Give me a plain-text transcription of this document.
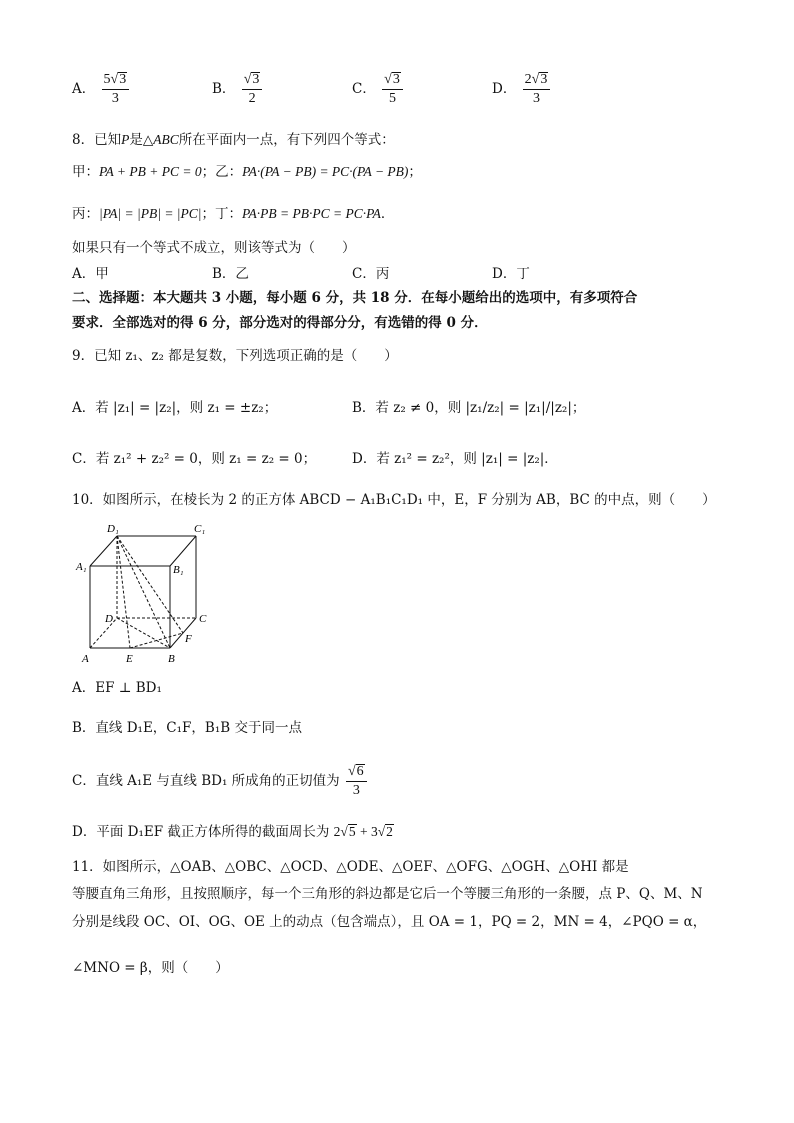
A． $\frac{5√ 3}{3}$	B． $\frac{√ 3}{2}$	C． $\frac{√ 3}{5}$	D． $\frac{2√ 3}{3}$
8．已知P是△ABC所在平面内一点，有下列四个等式：
甲：PA + PB + PC = 0；乙：PA·(PA − PB) = PC·(PA − PB)；
丙：|PA| = |PB| = |PC|；丁：PA·PB = PB·PC = PC·PA．
如果只有一个等式不成立，则该等式为（　　）
A．甲	B．乙	C．丙	D．丁
二、选择题：本大题共 3 小题，每小题 6 分，共 18 分．在每小题给出的选项中，有多项符合
要求．全部选对的得 6 分，部分选对的得部分分，有选错的得 0 分．
9．已知 z₁、z₂ 都是复数，下列选项正确的是（　　）
A．若 |z₁| = |z₂|，则 z₁ = ±z₂；	B．若 z₂ ≠ 0，则 |z₁/z₂| = |z₁|/|z₂|；
C．若 z₁² + z₂² = 0，则 z₁ = z₂ = 0；	D．若 z₁² = z₂²，则 |z₁| = |z₂|．
10．如图所示，在棱长为 2 的正方体 ABCD − A₁B₁C₁D₁ 中，E，F 分别为 AB，BC 的中点，则（　　）
D₁	C₁
A₁	B₁
D	C
F
A	E	B
A．EF ⊥ BD₁
B．直线 D₁E，C₁F，B₁B 交于同一点
C．直线 A₁E 与直线 BD₁ 所成角的正切值为 $\frac{√ 6}{3}$
D．平面 D₁EF 截正方体所得的截面周长为 2√ 5 + 3√ 2
11．如图所示，△OAB、△OBC、△OCD、△ODE、△OEF、△OFG、△OGH、△OHI 都是
等腰直角三角形，且按照顺序，每一个三角形的斜边都是它后一个等腰三角形的一条腰，点 P、Q、M、N
分别是线段 OC、OI、OG、OE 上的动点（包含端点），且 OA = 1，PQ = 2，MN = 4，∠PQO = α，
∠MNO = β，则（　　）
